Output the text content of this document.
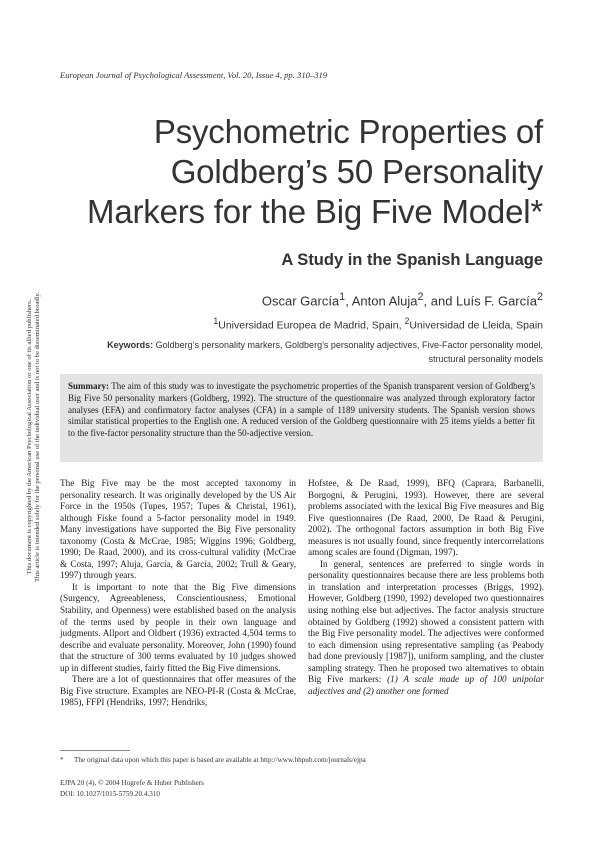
European Journal of Psychological Assessment, Vol. 20, Issue 4, pp. 310–319
Psychometric Properties of
Goldberg’s 50 Personality
Markers for the Big Five Model*
A Study in the Spanish Language
Oscar García$^1$, Anton Aluja$^2$, and Luís F. García$^2$
$^1$Universidad Europea de Madrid, Spain, $^2$Universidad de Lleida, Spain
Keywords: Goldberg’s personality markers, Goldberg’s personality adjectives, Five-Factor personality model, structural personality models

Summary: The aim of this study was to investigate the psychometric properties of the Spanish transparent version of Goldberg’s Big Five 50 personality markers (Goldberg, 1992). The structure of the questionnaire was analyzed through exploratory factor analyses (EFA) and confirmatory factor analyses (CFA) in a sample of 1189 university students. The Spanish version shows similar statistical properties to the English one. A reduced version of the Goldberg questionnaire with 25 items yields a better fit to the five-factor personality structure than the 50-adjective version.

The Big Five may be the most accepted taxonomy in personality research. It was originally developed by the US Air Force in the 1950s (Tupes, 1957; Tupes & Christal, 1961), although Fiske found a 5-factor personality model in 1949. Many investigations have supported the Big Five personality taxonomy (Costa & McCrae, 1985; Wiggins 1996; Goldberg, 1990; De Raad, 2000), and its cross-cultural validity (McCrae & Costa, 1997; Aluja, García, & García, 2002; Trull & Geary, 1997) through years.

It is important to note that the Big Five dimensions (Surgency, Agreeableness, Conscientiousness, Emotional Stability, and Openness) were established based on the analysis of the terms used by people in their own language and judgments. Allport and Oldbert (1936) extracted 4,504 terms to describe and evaluate personality. Moreover, John (1990) found that the structure of 300 terms evaluated by 10 judges showed up in different studies, fairly fitted the Big Five dimensions.

There are a lot of questionnaires that offer measures of the Big Five structure. Examples are NEO-PI-R (Costa & McCrae, 1985), FFPI (Hendriks, 1997; Hendriks,

Hofstee, & De Raad, 1999), BFQ (Caprara, Barbanelli, Borgogni, & Perugini, 1993). However, there are several problems associated with the lexical Big Five measures and Big Five questionnaires (De Raad, 2000, De Raad & Perugini, 2002). The orthogonal factors assumption in both Big Five measures is not usually found, since frequently intercorrelations among scales are found (Digman, 1997).

In general, sentences are preferred to single words in personality questionnaires because there are less problems both in translation and interpretation processes (Briggs, 1992). However, Goldberg (1990, 1992) developed two questionnaires using nothing else but adjectives. The factor analysis structure obtained by Goldberg (1992) showed a consistent pattern with the Big Five personality model. The adjectives were conformed to each dimension using representative sampling (as Peabody had done previously [1987]), uniform sampling, and the cluster sampling strategy. Then he proposed two alternatives to obtain Big Five markers: (1) A scale made up of 100 unipolar adjectives and (2) another one formed

This document is copyrighted by the American Psychological Association or one of its allied publishers. This article is intended solely for the personal use of the individual user and is not to be disseminated broadly.
* The original data upon which this paper is based are available at http://www.hhpub.com/journals/ejpa
EJPA 20 (4), © 2004 Hogrefe & Huber Publishers
DOI: 10.1027/1015-5759.20.4.310
